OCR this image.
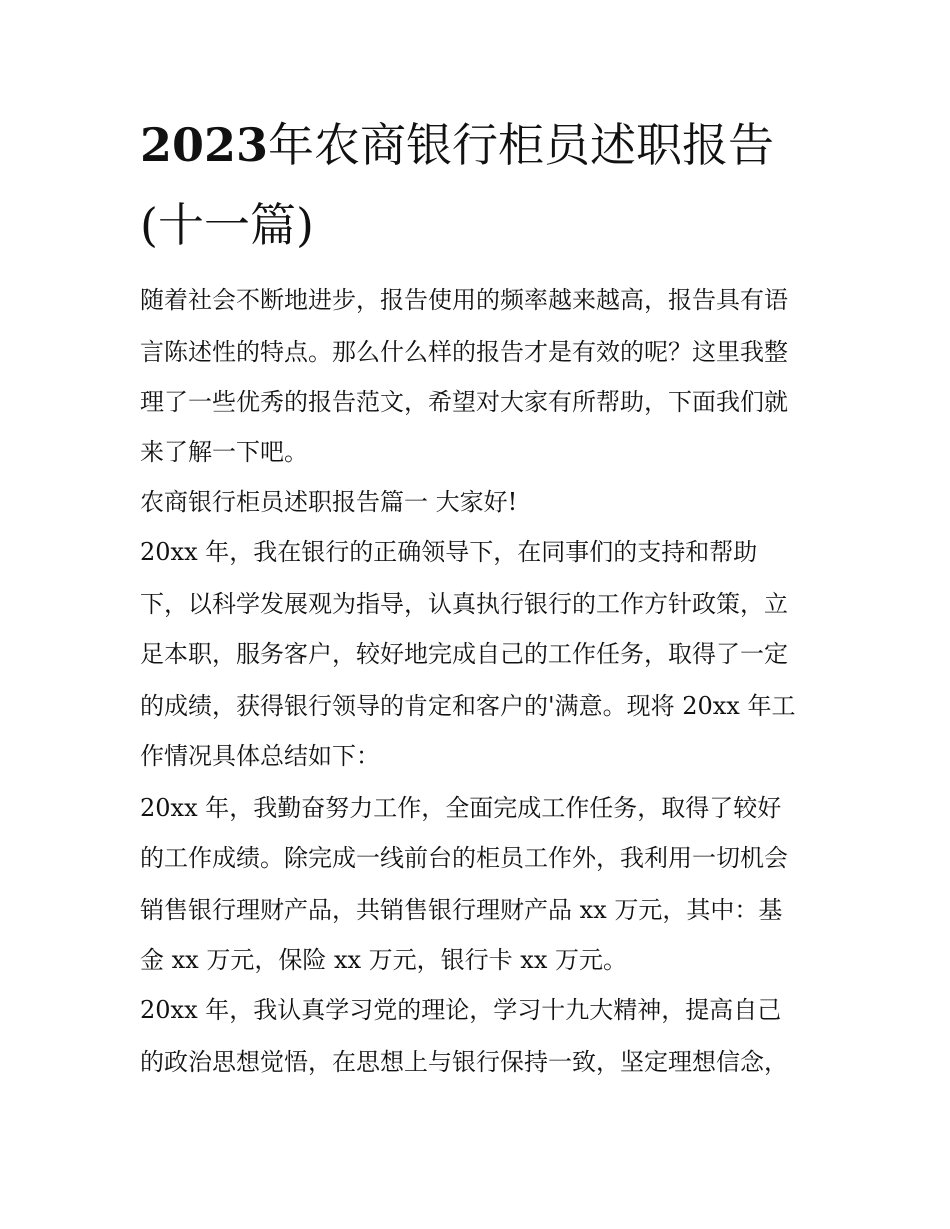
2023年农商银行柜员述职报告
(十一篇)
随着社会不断地进步，报告使用的频率越来越高，报告具有语
言陈述性的特点。那么什么样的报告才是有效的呢？这里我整
理了一些优秀的报告范文，希望对大家有所帮助，下面我们就
来了解一下吧。
农商银行柜员述职报告篇一 大家好!
20xx 年，我在银行的正确领导下，在同事们的支持和帮助
下，以科学发展观为指导，认真执行银行的工作方针政策，立
足本职，服务客户，较好地完成自己的工作任务，取得了一定
的成绩，获得银行领导的肯定和客户的'满意。现将 20xx 年工
作情况具体总结如下：
20xx 年，我勤奋努力工作，全面完成工作任务，取得了较好
的工作成绩。除完成一线前台的柜员工作外，我利用一切机会
销售银行理财产品，共销售银行理财产品 xx 万元，其中：基
金 xx 万元，保险 xx 万元，银行卡 xx 万元。
20xx 年，我认真学习党的理论，学习十九大精神，提高自己
的政治思想觉悟，在思想上与银行保持一致，坚定理想信念，
